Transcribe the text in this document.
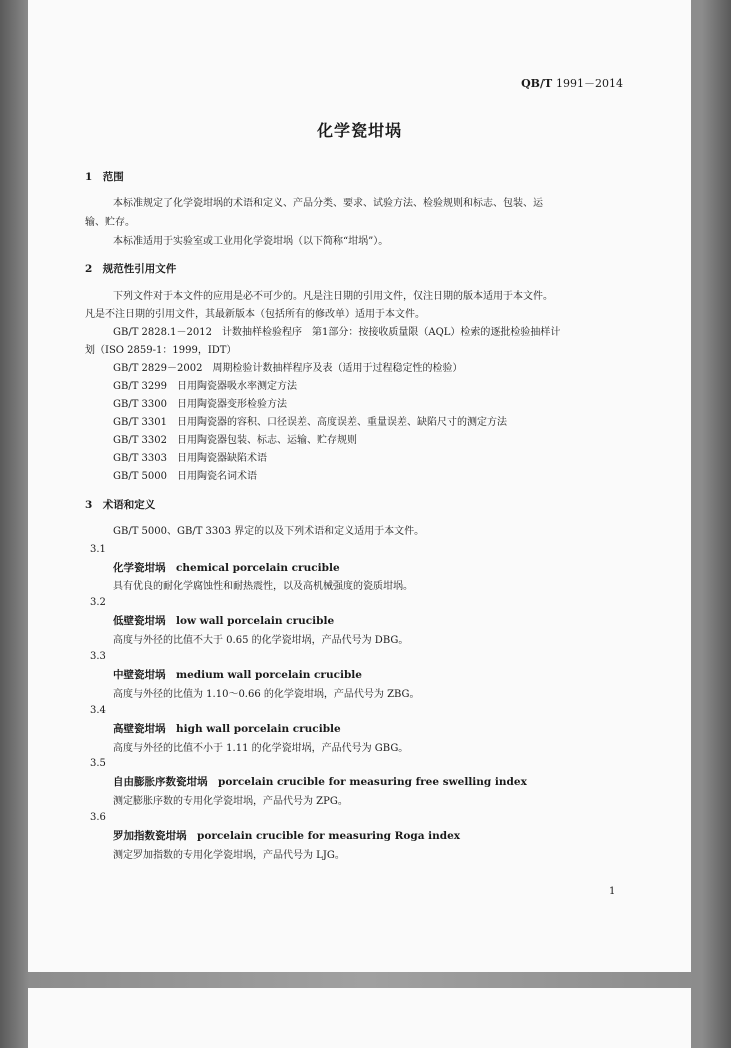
QB/T 1991－2014
化学瓷坩埚
1　范围
本标准规定了化学瓷坩埚的术语和定义、产品分类、要求、试验方法、检验规则和标志、包装、运
输、贮存。
本标准适用于实验室或工业用化学瓷坩埚（以下简称“坩埚”）。
2　规范性引用文件
下列文件对于本文件的应用是必不可少的。凡是注日期的引用文件，仅注日期的版本适用于本文件。
凡是不注日期的引用文件，其最新版本（包括所有的修改单）适用于本文件。
GB/T 2828.1－2012　计数抽样检验程序　第1部分：按接收质量限（AQL）检索的逐批检验抽样计
划（ISO 2859-1：1999，IDT）
GB/T 2829－2002　周期检验计数抽样程序及表（适用于过程稳定性的检验）
GB/T 3299　日用陶瓷器吸水率测定方法
GB/T 3300　日用陶瓷器变形检验方法
GB/T 3301　日用陶瓷器的容积、口径误差、高度误差、重量误差、缺陷尺寸的测定方法
GB/T 3302　日用陶瓷器包装、标志、运输、贮存规则
GB/T 3303　日用陶瓷器缺陷术语
GB/T 5000　日用陶瓷名词术语
3　术语和定义
GB/T 5000、GB/T 3303 界定的以及下列术语和定义适用于本文件。
3.1
化学瓷坩埚　chemical porcelain crucible
具有优良的耐化学腐蚀性和耐热震性，以及高机械强度的瓷质坩埚。
3.2
低壁瓷坩埚　low wall porcelain crucible
高度与外径的比值不大于 0.65 的化学瓷坩埚，产品代号为 DBG。
3.3
中壁瓷坩埚　medium wall porcelain crucible
高度与外径的比值为 1.10～0.66 的化学瓷坩埚，产品代号为 ZBG。
3.4
高壁瓷坩埚　high wall porcelain crucible
高度与外径的比值不小于 1.11 的化学瓷坩埚，产品代号为 GBG。
3.5
自由膨胀序数瓷坩埚　porcelain crucible for measuring free swelling index
测定膨胀序数的专用化学瓷坩埚，产品代号为 ZPG。
3.6
罗加指数瓷坩埚　porcelain crucible for measuring Roga index
测定罗加指数的专用化学瓷坩埚，产品代号为 LJG。
1
